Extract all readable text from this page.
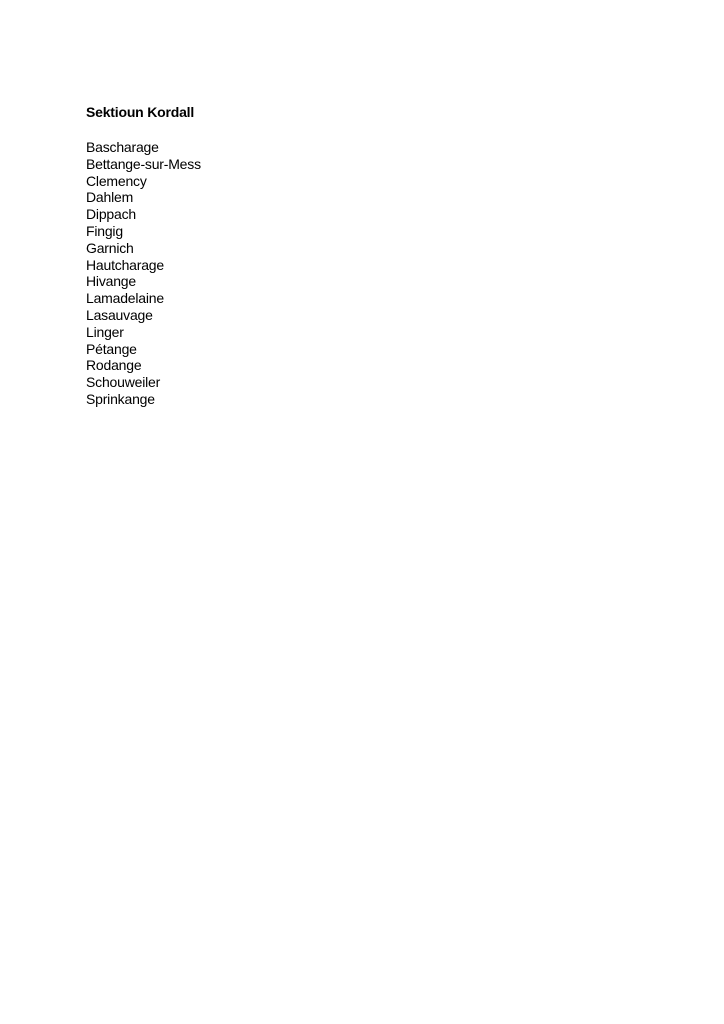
Sektioun Kordall
Bascharage
Bettange-sur-Mess
Clemency
Dahlem
Dippach
Fingig
Garnich
Hautcharage
Hivange
Lamadelaine
Lasauvage
Linger
Pétange
Rodange
Schouweiler
Sprinkange
